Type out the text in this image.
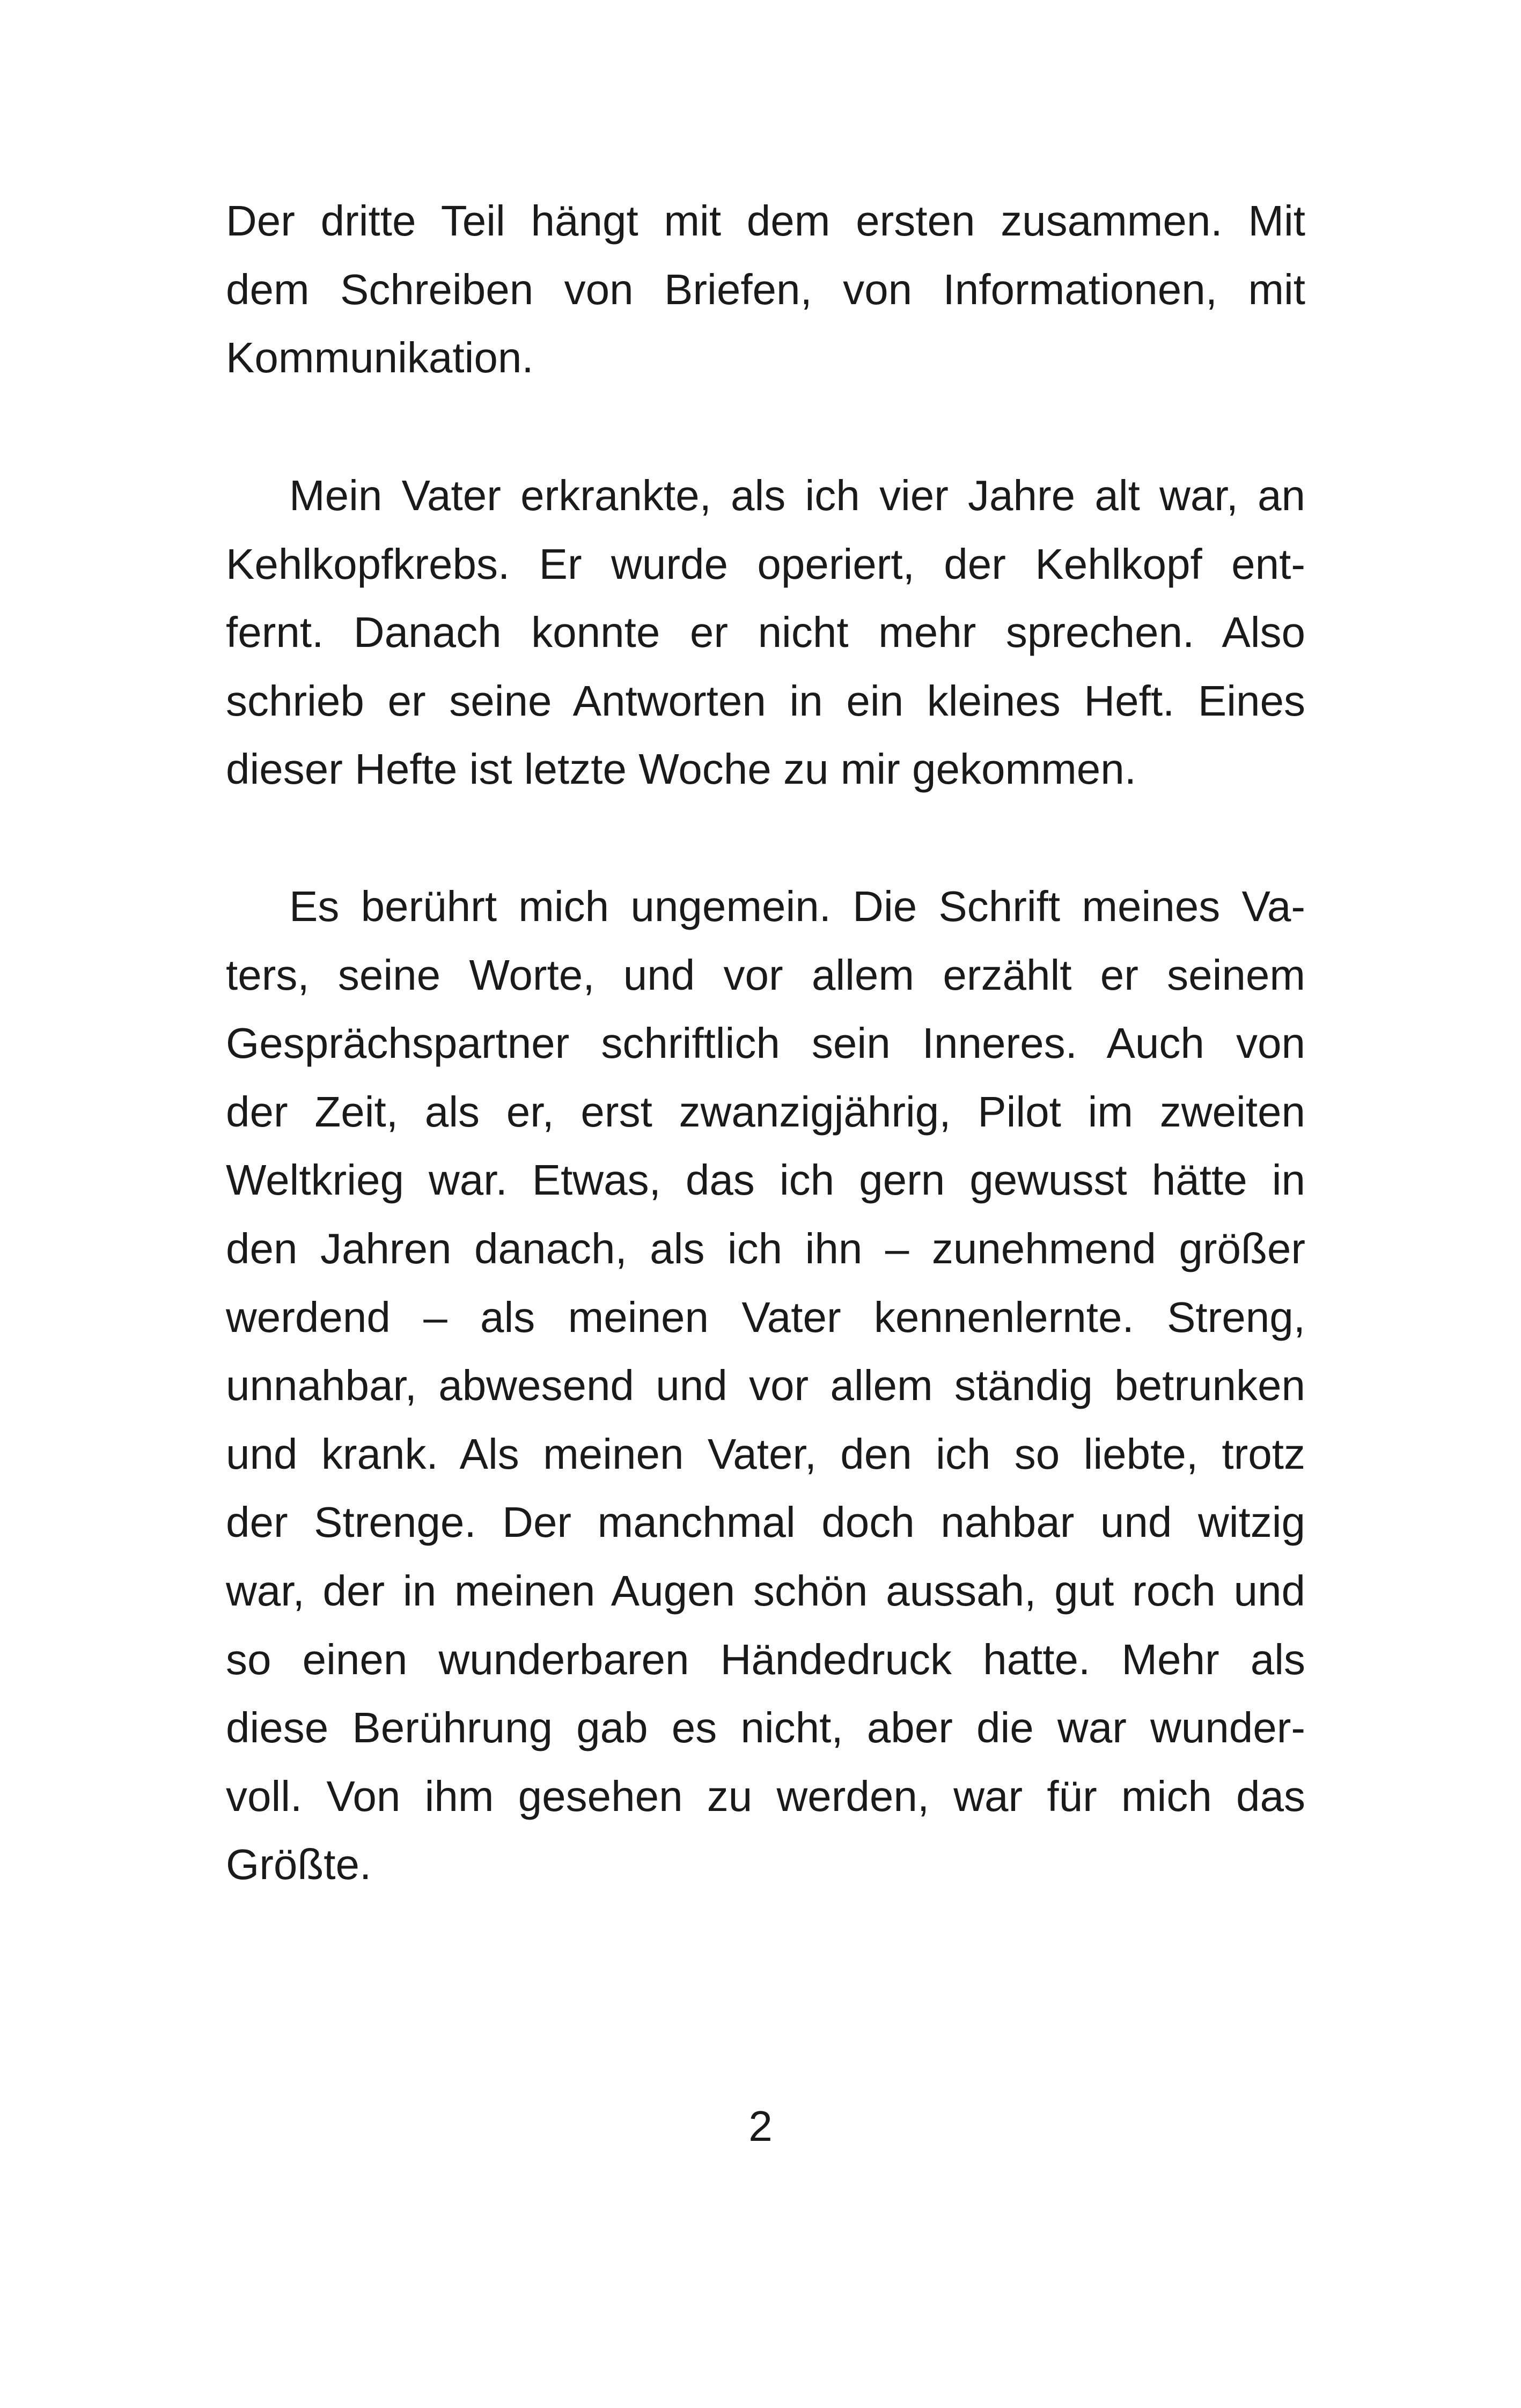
Der dritte Teil hängt mit dem ersten zusammen. Mit
dem Schreiben von Briefen, von Informationen, mit
Kommunikation.
Mein Vater erkrankte, als ich vier Jahre alt war, an
Kehlkopfkrebs. Er wurde operiert, der Kehlkopf ent-
fernt. Danach konnte er nicht mehr sprechen. Also
schrieb er seine Antworten in ein kleines Heft. Eines
dieser Hefte ist letzte Woche zu mir gekommen.
Es berührt mich ungemein. Die Schrift meines Va-
ters, seine Worte, und vor allem erzählt er seinem
Gesprächspartner schriftlich sein Inneres. Auch von
der Zeit, als er, erst zwanzigjährig, Pilot im zweiten
Weltkrieg war. Etwas, das ich gern gewusst hätte in
den Jahren danach, als ich ihn – zunehmend größer
werdend – als meinen Vater kennenlernte. Streng,
unnahbar, abwesend und vor allem ständig betrunken
und krank. Als meinen Vater, den ich so liebte, trotz
der Strenge. Der manchmal doch nahbar und witzig
war, der in meinen Augen schön aussah, gut roch und
so einen wunderbaren Händedruck hatte. Mehr als
diese Berührung gab es nicht, aber die war wunder-
voll. Von ihm gesehen zu werden, war für mich das
Größte.
2
